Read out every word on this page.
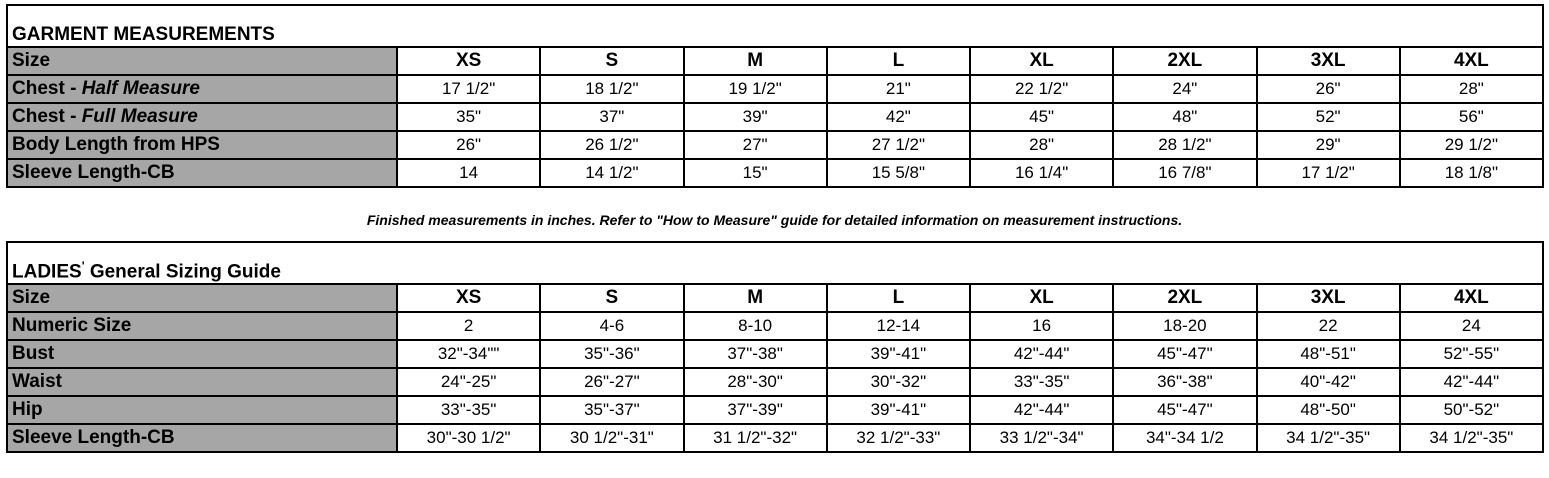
GARMENT MEASUREMENTS								
Size	XS	S	M	L	XL	2XL	3XL	4XL
Chest - Half Measure	17 1/2"	18 1/2"	19 1/2"	21"	22 1/2"	24"	26"	28"
Chest - Full Measure	35"	37"	39"	42"	45"	48"	52"	56"
Body Length from HPS	26"	26 1/2"	27"	27 1/2"	28"	28 1/2"	29"	29 1/2"
Sleeve Length-CB	14	14 1/2"	15"	15 5/8"	16 1/4"	16 7/8"	17 1/2"	18 1/8"
Finished measurements in inches. Refer to "How to Measure" guide for detailed information on measurement instructions.
LADIES' General Sizing Guide								
Size	XS	S	M	L	XL	2XL	3XL	4XL
Numeric Size	2	4-6	8-10	12-14	16	18-20	22	24
Bust	32"-34""	35"-36"	37"-38"	39"-41"	42"-44"	45"-47"	48"-51"	52"-55"
Waist	24"-25"	26"-27"	28"-30"	30"-32"	33"-35"	36"-38"	40"-42"	42"-44"
Hip	33"-35"	35"-37"	37"-39"	39"-41"	42"-44"	45"-47"	48"-50"	50"-52"
Sleeve Length-CB	30"-30 1/2"	30 1/2"-31"	31 1/2"-32"	32 1/2"-33"	33 1/2"-34"	34"-34 1/2	34 1/2"-35"	34 1/2"-35"
